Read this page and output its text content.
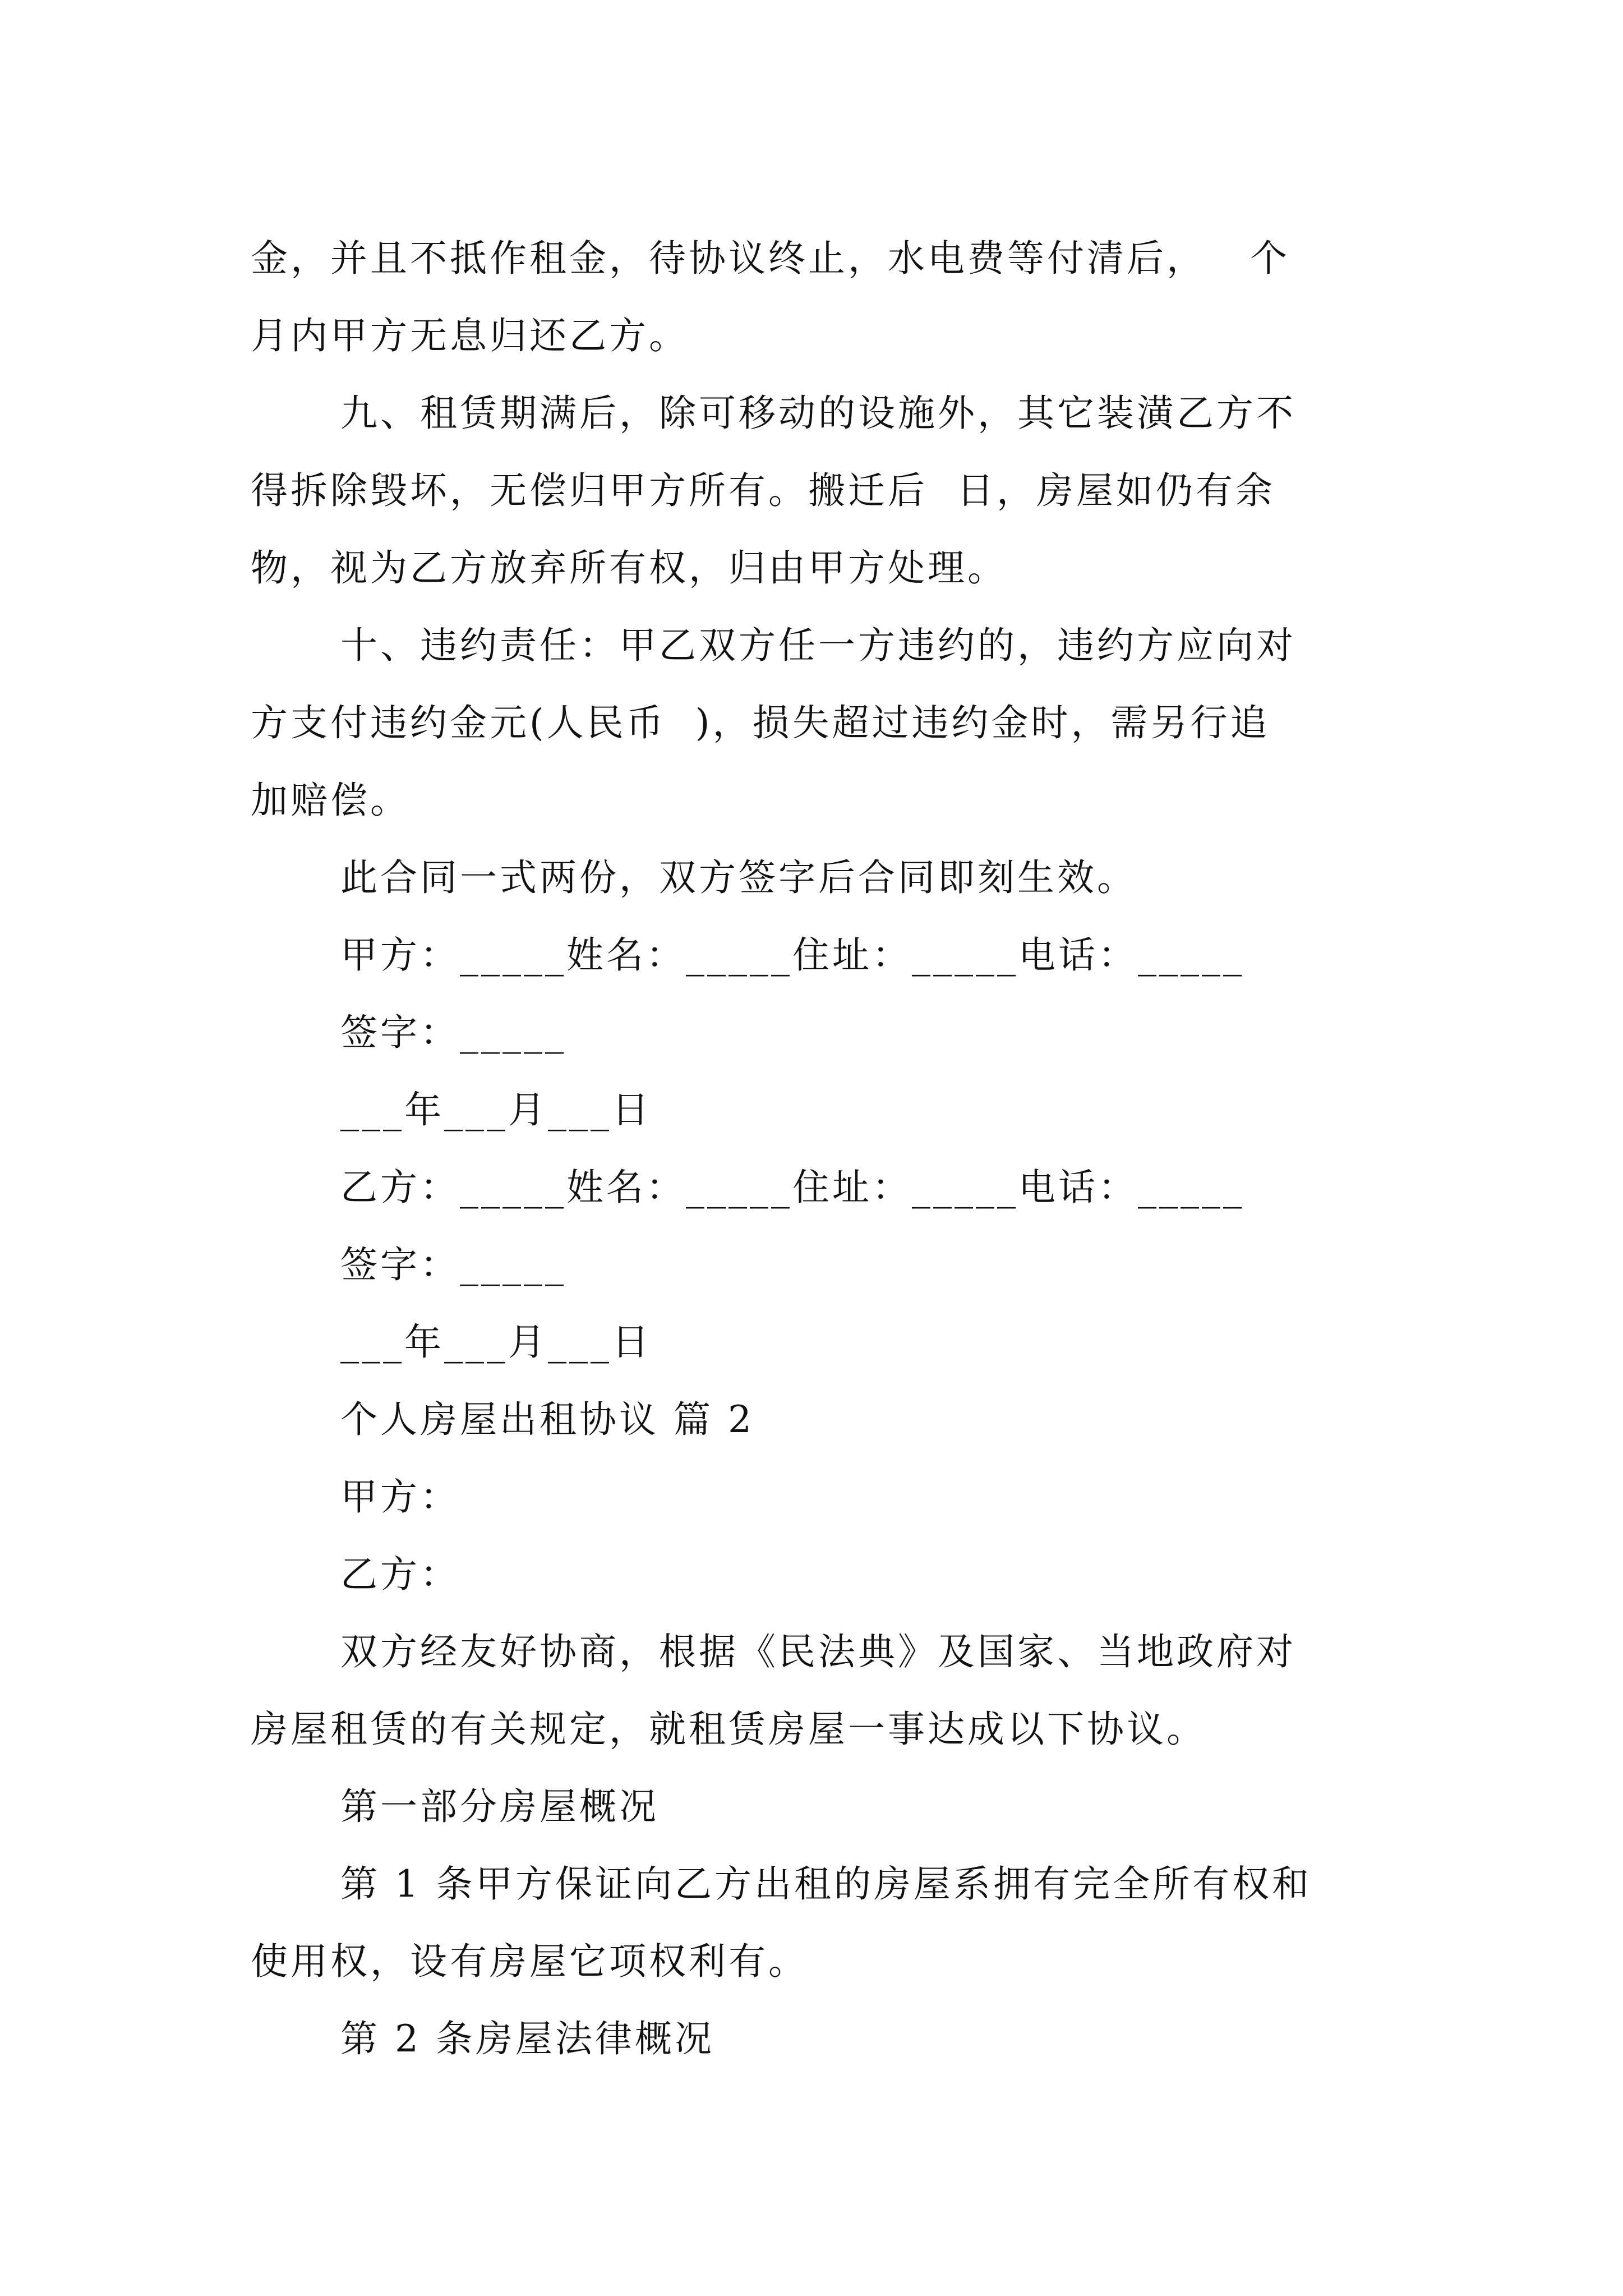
金，并且不抵作租金，待协议终止，水电费等付清后，   个
月内甲方无息归还乙方。
九、租赁期满后，除可移动的设施外，其它装潢乙方不
得拆除毁坏，无偿归甲方所有。搬迁后  日，房屋如仍有余
物，视为乙方放弃所有权，归由甲方处理。
十、违约责任：甲乙双方任一方违约的，违约方应向对
方支付违约金元(人民币  )，损失超过违约金时，需另行追
加赔偿。
此合同一式两份，双方签字后合同即刻生效。
甲方：_____姓名：_____住址：_____电话：_____
签字：_____
___年___月___日
乙方：_____姓名：_____住址：_____电话：_____
签字：_____
___年___月___日
个人房屋出租协议 篇 2
甲方：
乙方：
双方经友好协商，根据《民法典》及国家、当地政府对
房屋租赁的有关规定，就租赁房屋一事达成以下协议。
第一部分房屋概况
第 1 条甲方保证向乙方出租的房屋系拥有完全所有权和
使用权，设有房屋它项权利有。
第 2 条房屋法律概况
